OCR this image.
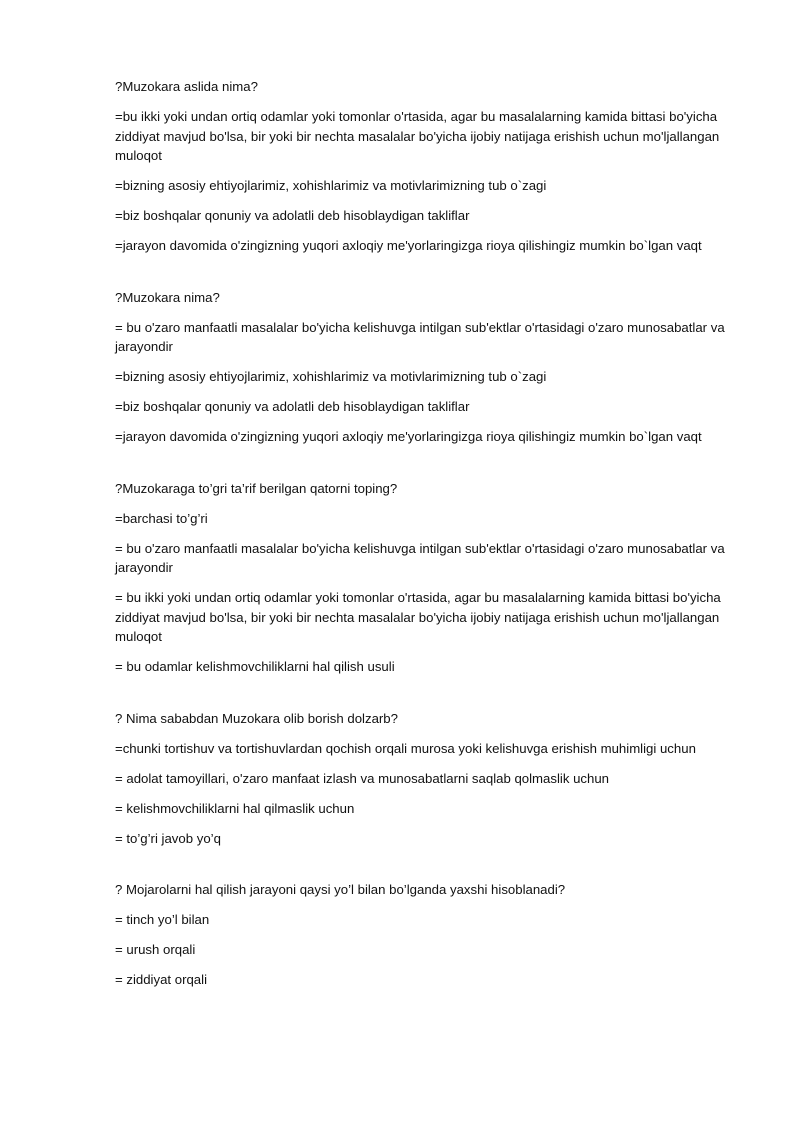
?Muzokara aslida nima?

=bu ikki yoki undan ortiq odamlar yoki tomonlar o'rtasida, agar bu masalalarning kamida bittasi bo'yicha ziddiyat mavjud bo'lsa, bir yoki bir nechta masalalar bo'yicha ijobiy natijaga erishish uchun mo'ljallangan muloqot

=bizning asosiy ehtiyojlarimiz, xohishlarimiz va motivlarimizning tub o`zagi

=biz boshqalar qonuniy va adolatli deb hisoblaydigan takliflar

=jarayon davomida o'zingizning yuqori axloqiy me'yorlaringizga rioya qilishingiz mumkin bo`lgan vaqt

?Muzokara nima?

= bu o'zaro manfaatli masalalar bo'yicha kelishuvga intilgan sub'ektlar o'rtasidagi o'zaro munosabatlar va jarayondir

=bizning asosiy ehtiyojlarimiz, xohishlarimiz va motivlarimizning tub o`zagi

=biz boshqalar qonuniy va adolatli deb hisoblaydigan takliflar

=jarayon davomida o'zingizning yuqori axloqiy me'yorlaringizga rioya qilishingiz mumkin bo`lgan vaqt

?Muzokaraga to’gri ta’rif berilgan qatorni toping?

=barchasi to’g’ri

= bu o'zaro manfaatli masalalar bo'yicha kelishuvga intilgan sub'ektlar o'rtasidagi o'zaro munosabatlar va jarayondir

= bu ikki yoki undan ortiq odamlar yoki tomonlar o'rtasida, agar bu masalalarning kamida bittasi bo'yicha ziddiyat mavjud bo'lsa, bir yoki bir nechta masalalar bo'yicha ijobiy natijaga erishish uchun mo'ljallangan muloqot

= bu odamlar kelishmovchiliklarni hal qilish usuli

? Nima sababdan Muzokara olib borish dolzarb?

=chunki tortishuv va tortishuvlardan qochish orqali murosa yoki kelishuvga erishish muhimligi uchun

= adolat tamoyillari, o'zaro manfaat izlash va munosabatlarni saqlab qolmaslik uchun

= kelishmovchiliklarni hal qilmaslik uchun

= to’g’ri javob yo’q

? Mojarolarni hal qilish jarayoni qaysi yo’l bilan bo’lganda yaxshi hisoblanadi?

= tinch yo’l bilan

= urush orqali

= ziddiyat orqali
